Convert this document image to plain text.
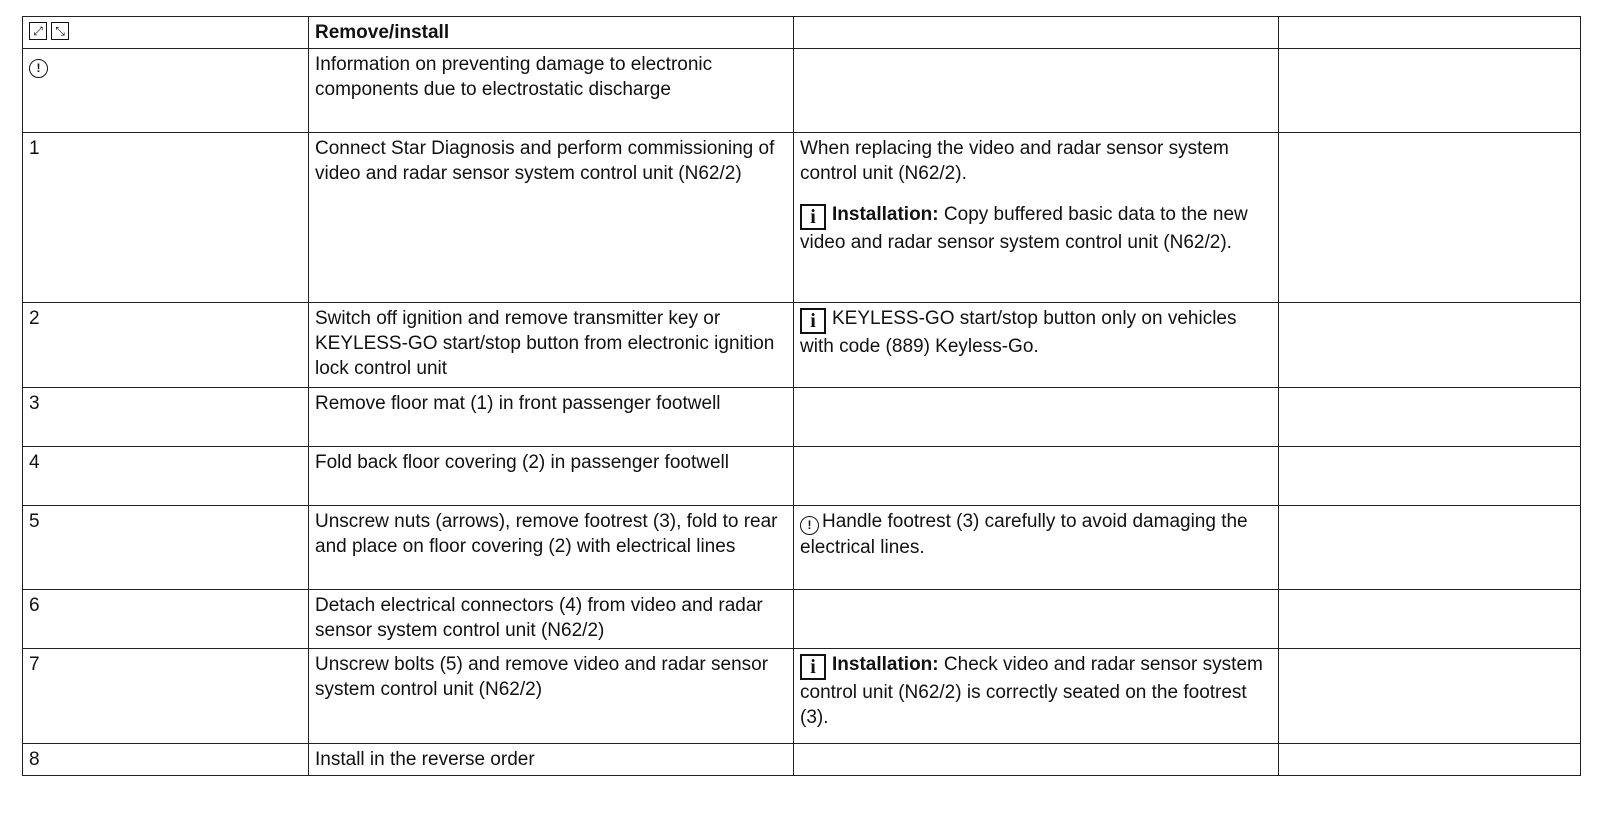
⤢ ⤡	Remove/install		
!	Information on preventing damage to electronic components due to electrostatic discharge		
1	Connect Star Diagnosis and perform commissioning of video and radar sensor system control unit (N62/2)	When replacing the video and radar sensor system control unit (N62/2).
i Installation: Copy buffered basic data to the new video and radar sensor system control unit (N62/2).	

2	Switch off ignition and remove transmitter key or KEYLESS-GO start/stop button from electronic ignition lock control unit	i KEYLESS-GO start/stop button only on vehicles with code (889) Keyless-Go.	
3	Remove floor mat (1) in front passenger footwell		
4	Fold back floor covering (2) in passenger footwell		
5	Unscrew nuts (arrows), remove footrest (3), fold to rear and place on floor covering (2) with electrical lines	! Handle footrest (3) carefully to avoid damaging the electrical lines.	
6	Detach electrical connectors (4) from video and radar sensor system control unit (N62/2)		
7	Unscrew bolts (5) and remove video and radar sensor system control unit (N62/2)	i Installation: Check video and radar sensor system control unit (N62/2) is correctly seated on the footrest (3).	
8	Install in the reverse order		
